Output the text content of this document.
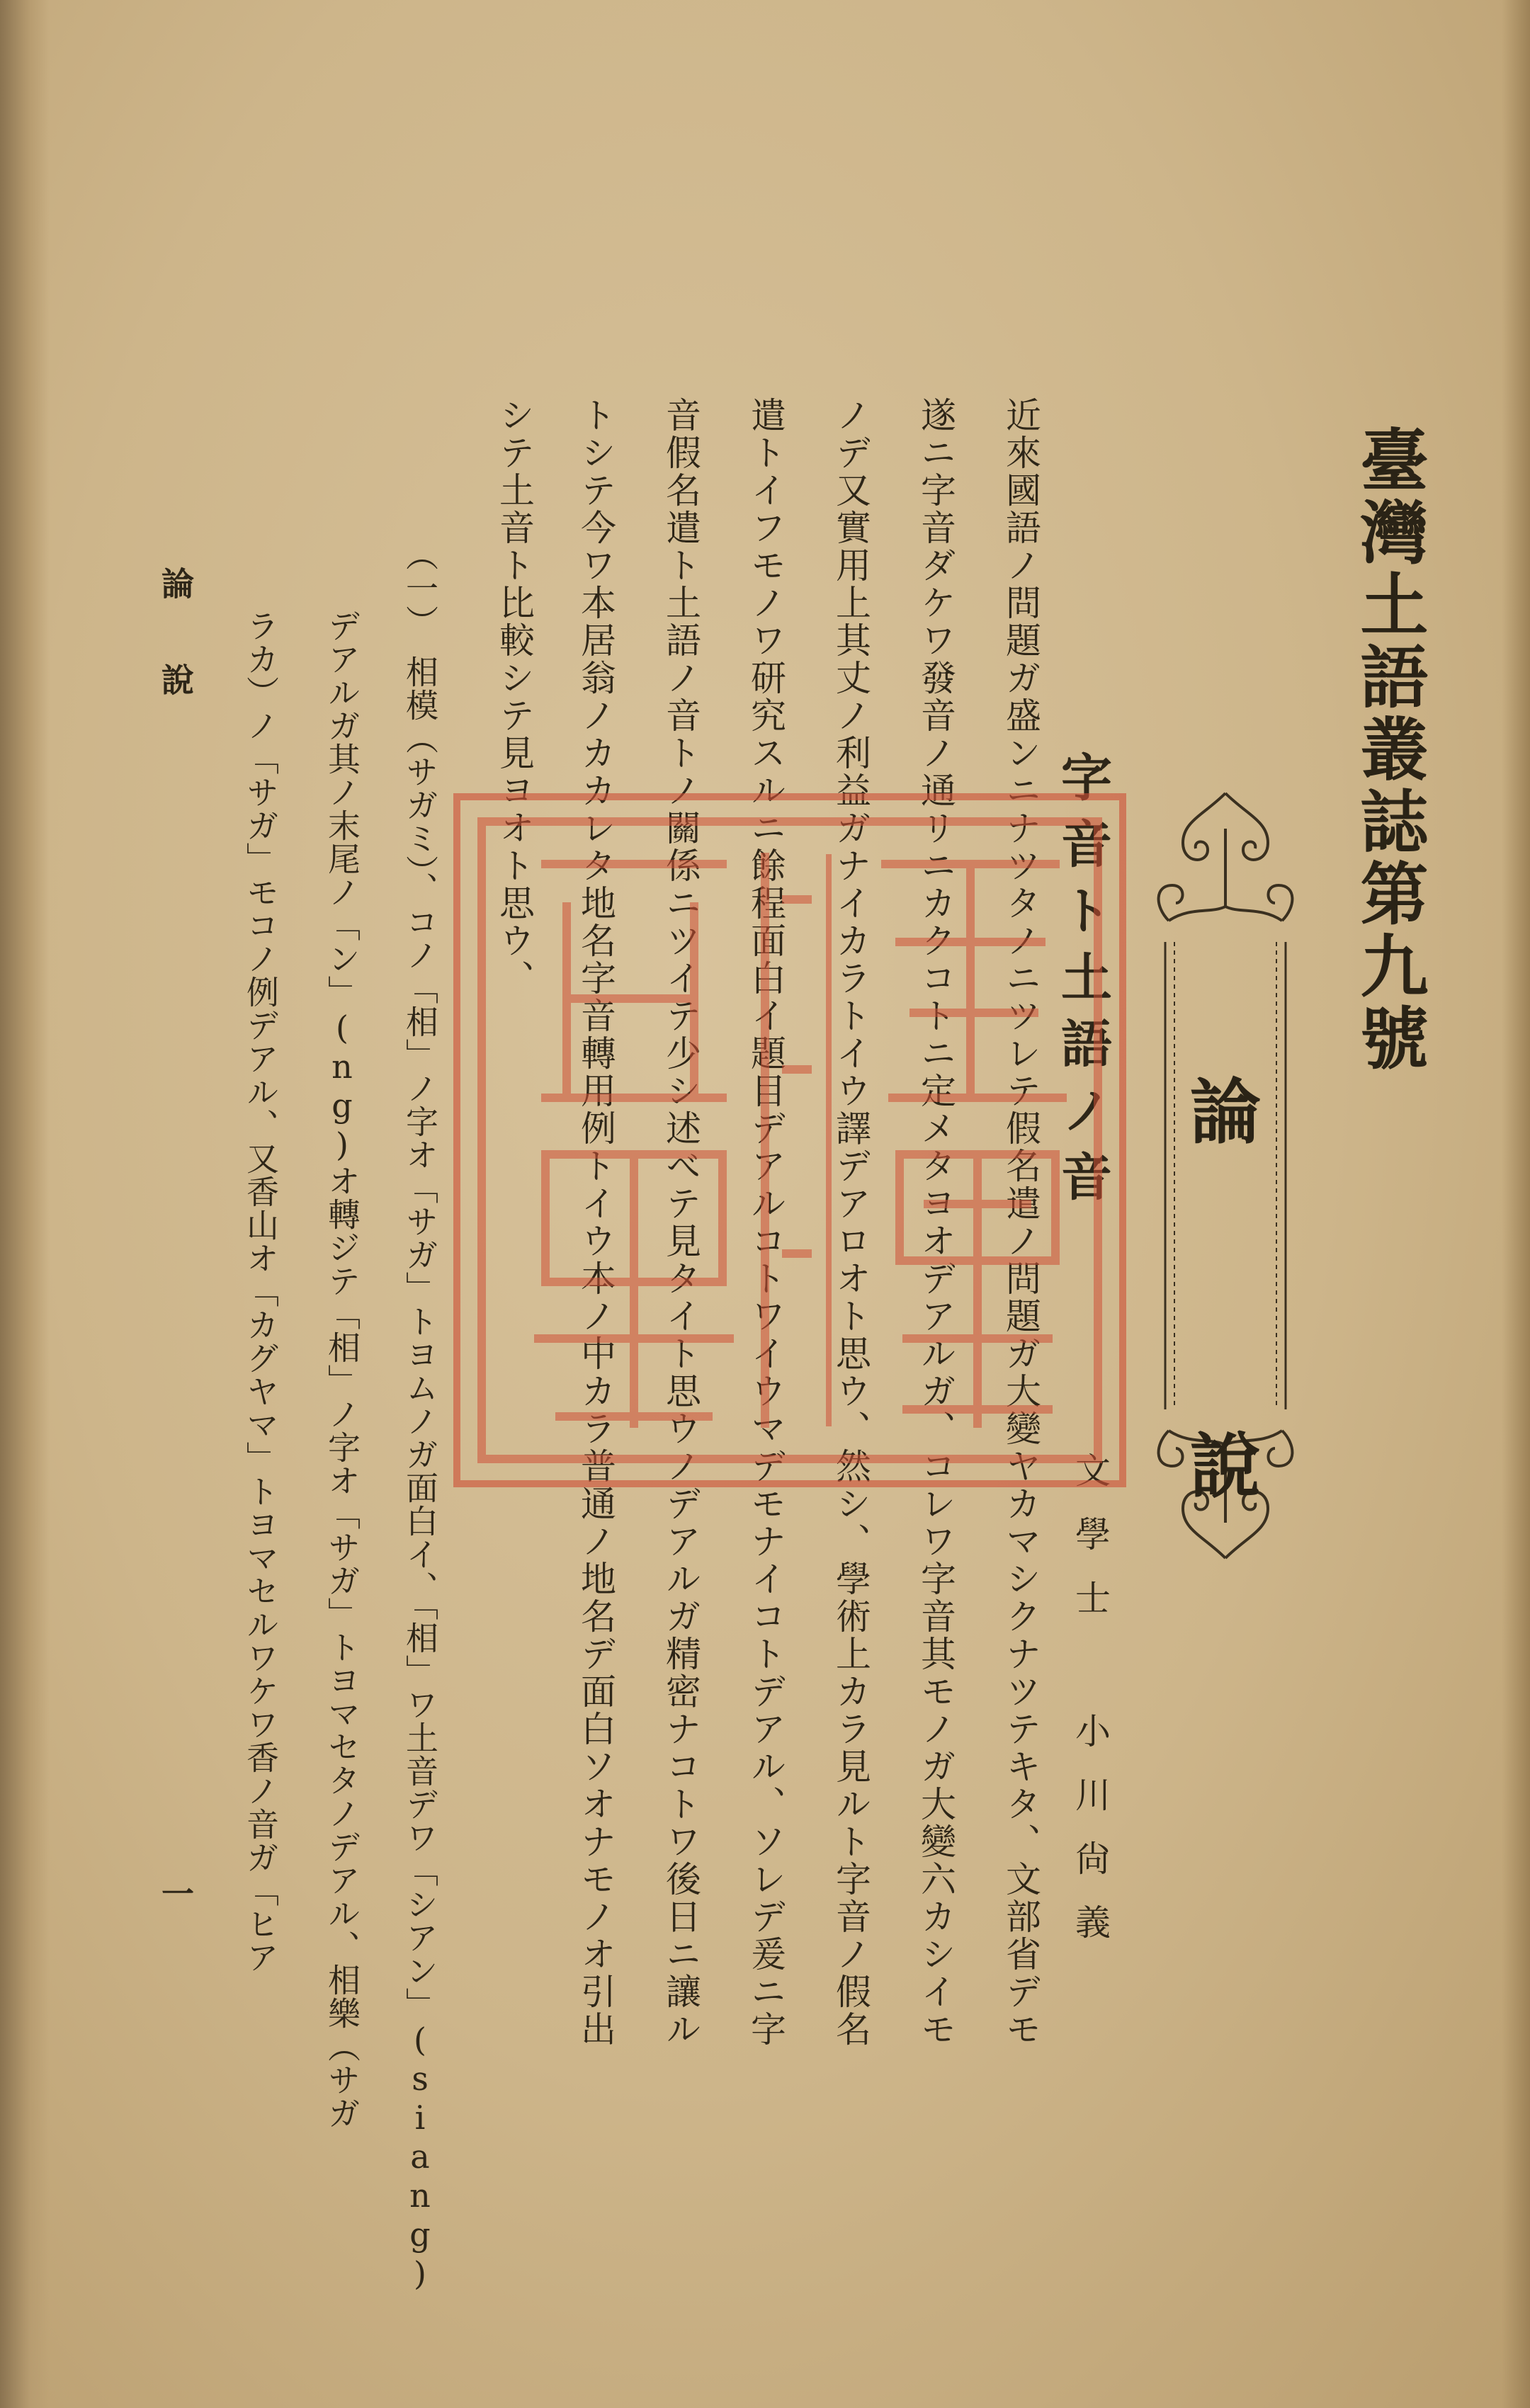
臺灣土語叢誌第九號
論
說
字音ト土語ノ音
文學士 小川尙義
近來國語ノ問題ガ盛ンニナツタノニツレテ假名遣ノ問題ガ大變ヤカマシクナツテキタ、文部省デモ
遂ニ字音ダケワ發音ノ通リニカクコトニ定メタヨオデアルガ、コレワ字音其モノガ大變六カシイモ
ノデ又實用上其丈ノ利益ガナイカラトイウ譯デアロオト思ウ、然シ、學術上カラ見ルト字音ノ假名
遣トイフモノワ研究スルニ餘程面白イ題目デアルコトワイウマデモナイコトデアル、ソレデ爰ニ字
音假名遣ト土語ノ音トノ關係ニツイテ少シ述べテ見タイト思ウノデアルガ精密ナコトワ後日ニ讓ル
トシテ今ワ本居翁ノカカレタ地名字音轉用例トイウ本ノ中カラ普通ノ地名デ面白ソオナモノオ引出
シテ土音ト比較シテ見ヨオト思ウ、
（一）　相模（サガミ）、コノ「相」ノ字オ「サガ」トヨムノガ面白イ、「相」ワ土音デワ「シアン」(siang)
デアルガ其ノ末尾ノ「ン」(ng)オ轉ジテ「相」ノ字オ「サガ」トヨマセタノデアル、相樂（サガ
ラカ）ノ「サガ」モコノ例デアル、又香山オ「カグヤマ」トヨマセルワケワ香ノ音ガ「ヒア
論說
一
